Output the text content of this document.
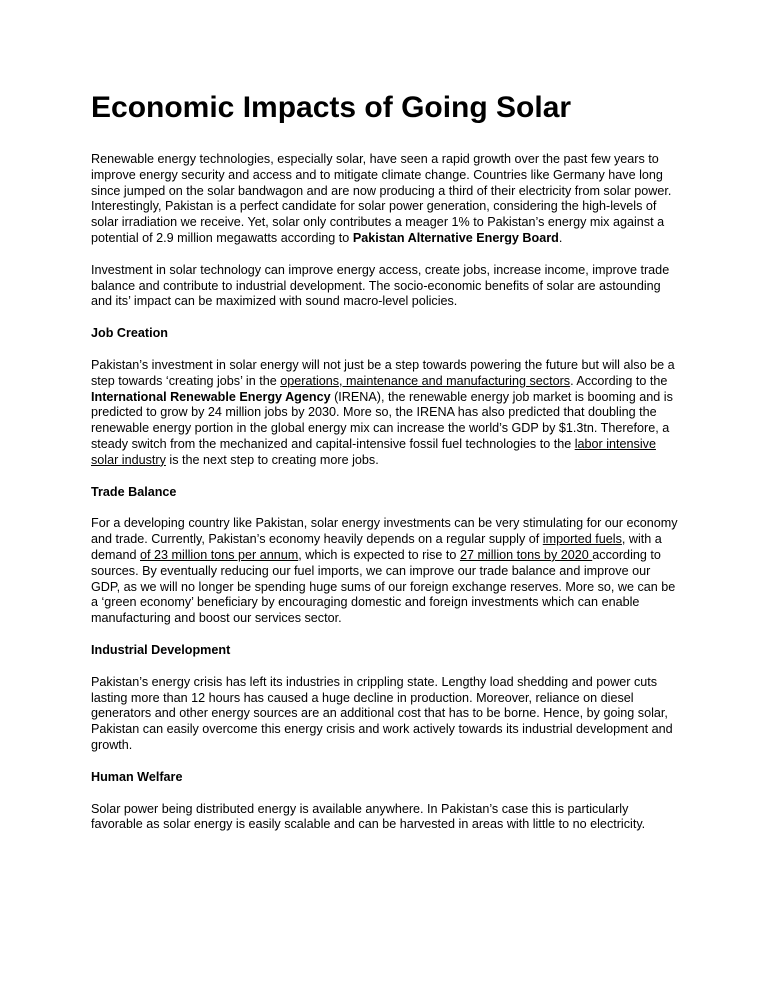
Economic Impacts of Going Solar

Renewable energy technologies, especially solar, have seen a rapid growth over the past few years to improve energy security and access and to mitigate climate change. Countries like Germany have long since jumped on the solar bandwagon and are now producing a third of their electricity from solar power. Interestingly, Pakistan is a perfect candidate for solar power generation, considering the high-levels of solar irradiation we receive. Yet, solar only contributes a meager 1% to Pakistan’s energy mix against a potential of 2.9 million megawatts according to Pakistan Alternative Energy Board.

Investment in solar technology can improve energy access, create jobs, increase income, improve trade balance and contribute to industrial development. The socio-economic benefits of solar are astounding and its’ impact can be maximized with sound macro-level policies.

Job Creation

Pakistan’s investment in solar energy will not just be a step towards powering the future but will also be a step towards ‘creating jobs’ in the operations, maintenance and manufacturing sectors. According to the International Renewable Energy Agency (IRENA), the renewable energy job market is booming and is predicted to grow by 24 million jobs by 2030. More so, the IRENA has also predicted that doubling the renewable energy portion in the global energy mix can increase the world’s GDP by $1.3tn. Therefore, a steady switch from the mechanized and capital-intensive fossil fuel technologies to the labor intensive solar industry is the next step to creating more jobs.

Trade Balance

For a developing country like Pakistan, solar energy investments can be very stimulating for our economy and trade. Currently, Pakistan’s economy heavily depends on a regular supply of imported fuels, with a demand of 23 million tons per annum, which is expected to rise to 27 million tons by 2020 according to sources. By eventually reducing our fuel imports, we can improve our trade balance and improve our GDP, as we will no longer be spending huge sums of our foreign exchange reserves. More so, we can be a ‘green economy’ beneficiary by encouraging domestic and foreign investments which can enable manufacturing and boost our services sector.

Industrial Development

Pakistan’s energy crisis has left its industries in crippling state. Lengthy load shedding and power cuts lasting more than 12 hours has caused a huge decline in production. Moreover, reliance on diesel generators and other energy sources are an additional cost that has to be borne. Hence, by going solar, Pakistan can easily overcome this energy crisis and work actively towards its industrial development and growth.

Human Welfare

Solar power being distributed energy is available anywhere. In Pakistan’s case this is particularly favorable as solar energy is easily scalable and can be harvested in areas with little to no electricity.
